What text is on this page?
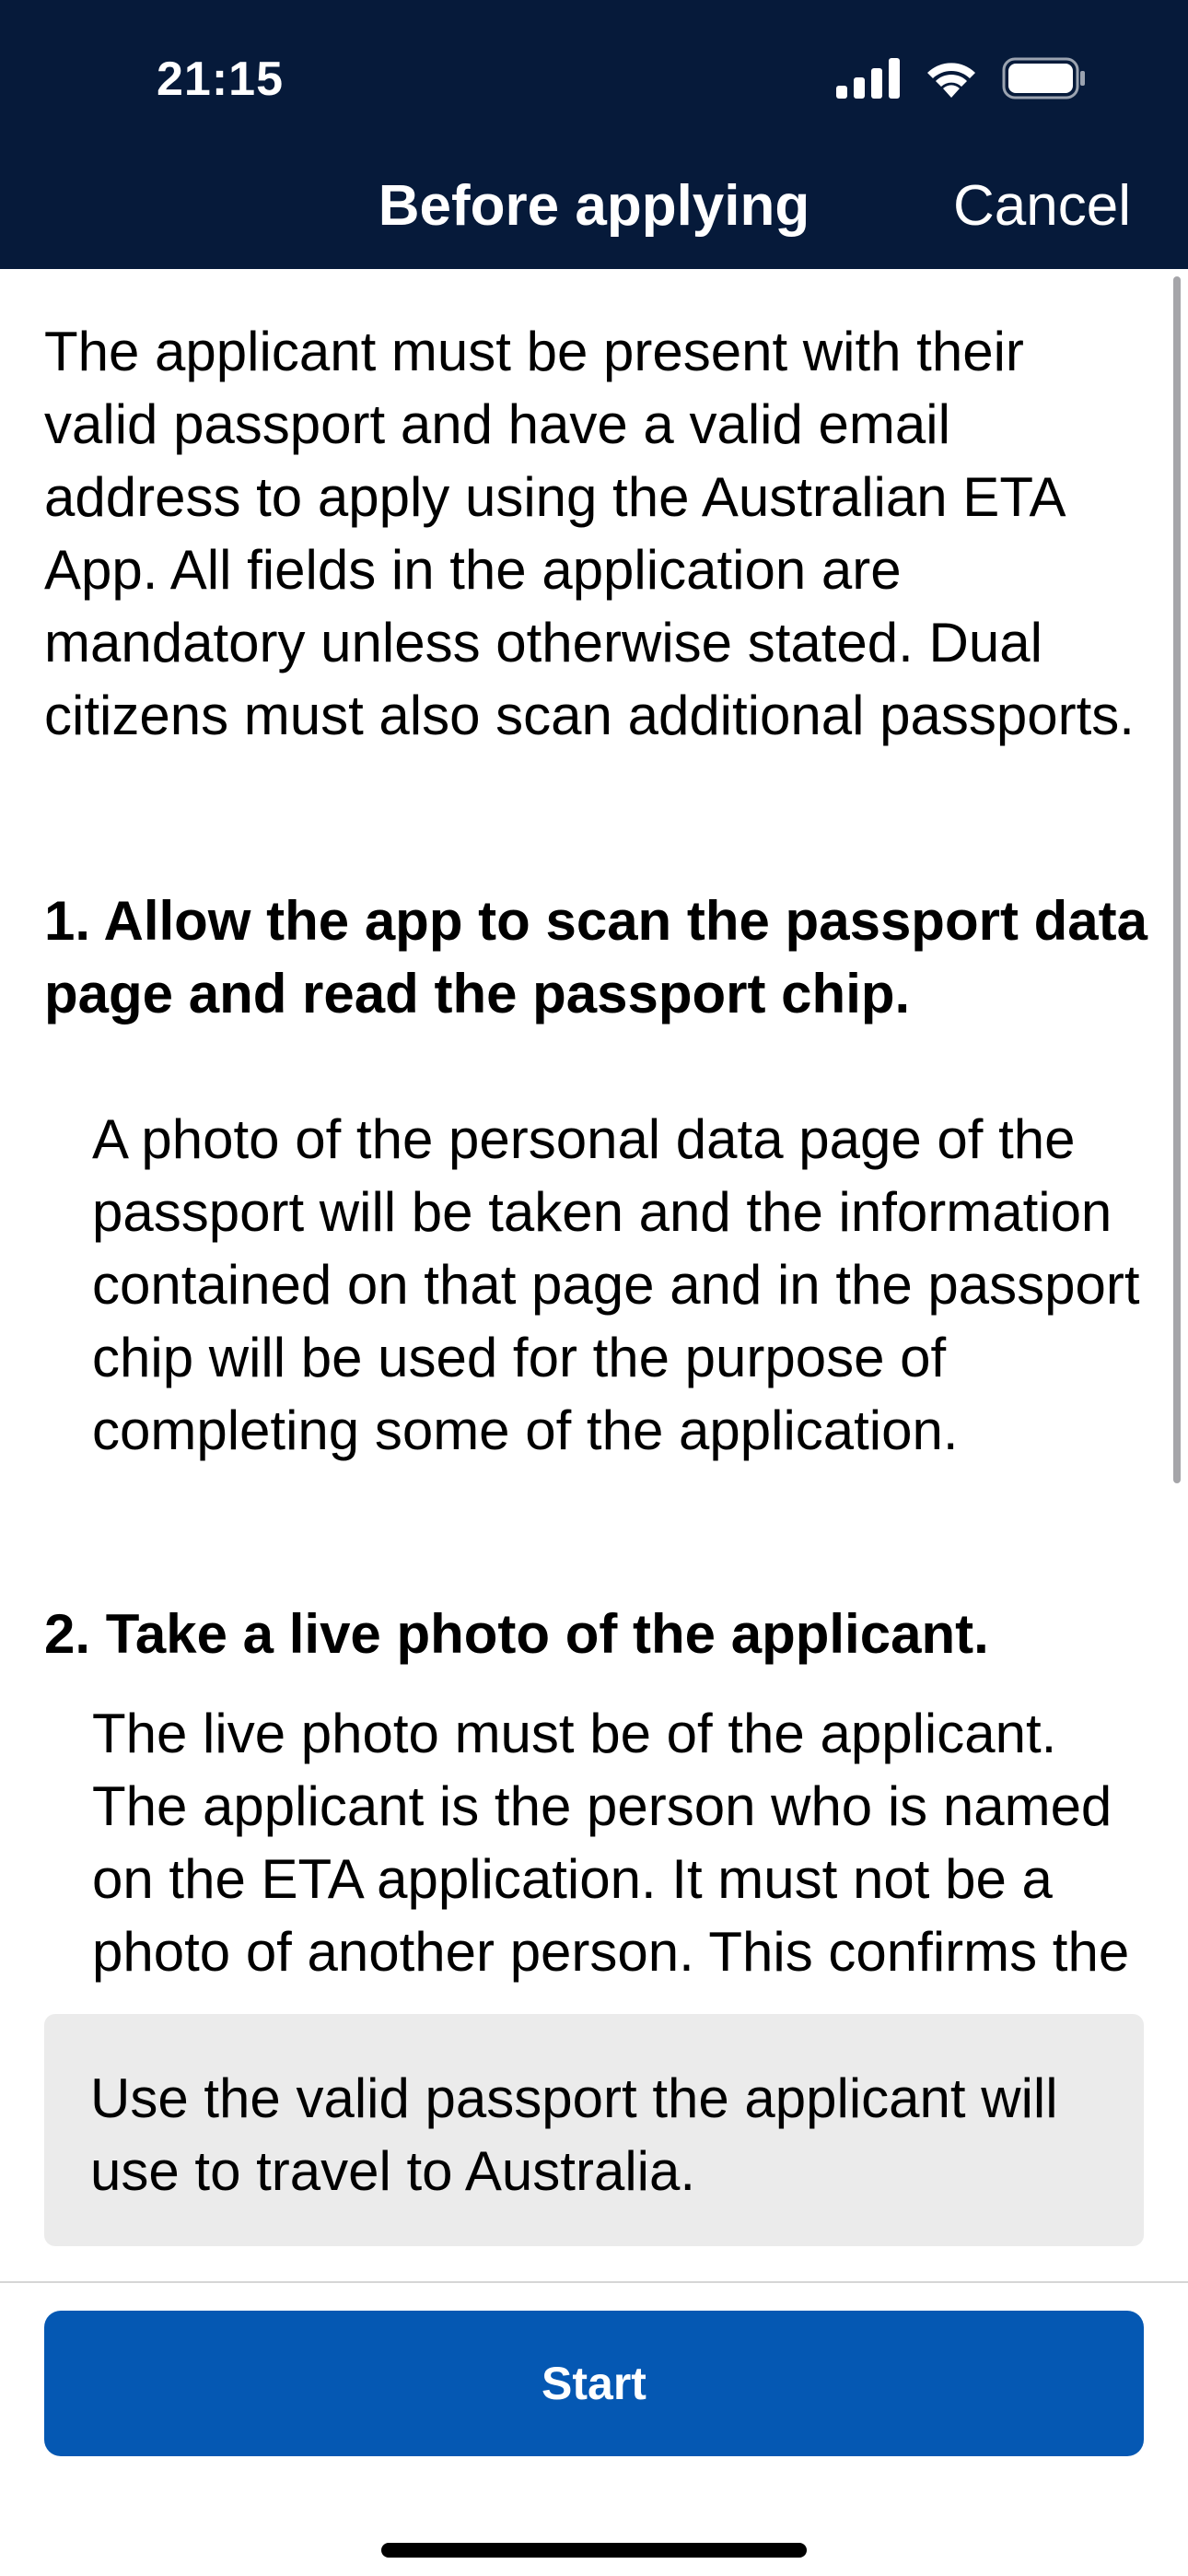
21:15
Before applying	Cancel

The applicant must be present with their valid passport and have a valid email address to apply using the Australian ETA App. All fields in the application are mandatory unless otherwise stated. Dual citizens must also scan additional passports.

1. Allow the app to scan the passport data page and read the passport chip.

A photo of the personal data page of the passport will be taken and the information contained on that page and in the passport chip will be used for the purpose of completing some of the application.

2. Take a live photo of the applicant.

The live photo must be of the applicant. The applicant is the person who is named on the ETA application. It must not be a photo of another person. This confirms the

Use the valid passport the applicant will use to travel to Australia.
Start
